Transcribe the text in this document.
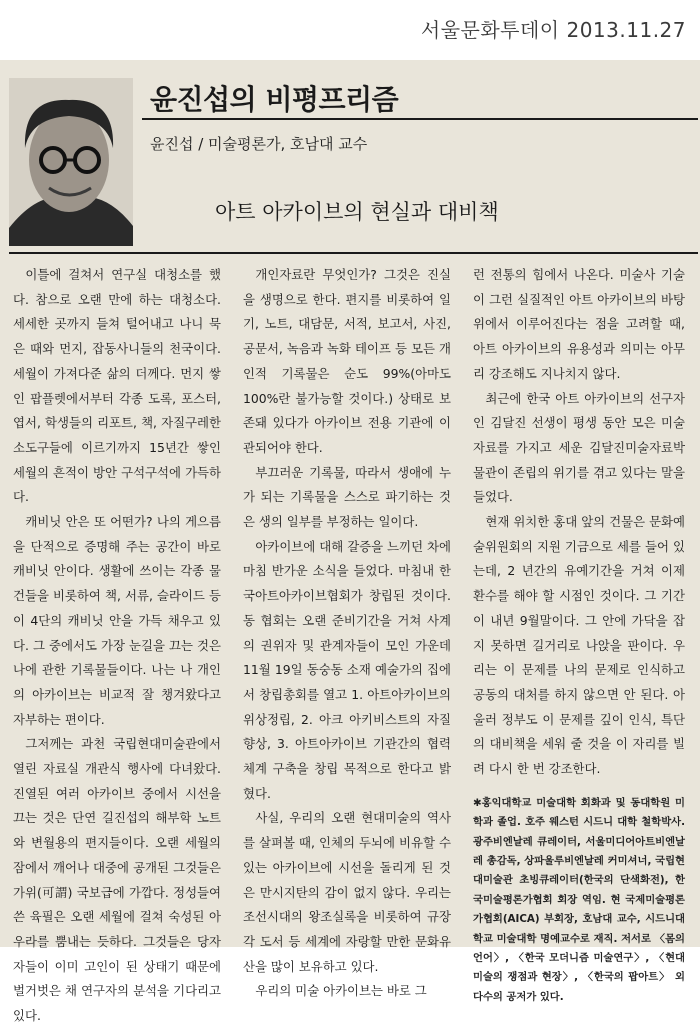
서울문화투데이 2013.11.27
윤진섭의 비평프리즘
윤진섭 / 미술평론가, 호남대 교수
아트 아카이브의 현실과 대비책

이틀에 걸쳐서 연구실 대청소를 했다. 참으로 오랜 만에 하는 대청소다. 세세한 곳까지 들쳐 털어내고 나니 묵은 때와 먼지, 잡동사니들의 천국이다. 세월이 가져다준 삶의 더께다. 먼지 쌓인 팝플렛에서부터 각종 도록, 포스터, 엽서, 학생들의 리포트, 책, 자질구레한 소도구들에 이르기까지 15년간 쌓인 세월의 흔적이 방안 구석구석에 가득하다.

캐비닛 안은 또 어떤가? 나의 게으름을 단적으로 증명해 주는 공간이 바로 캐비닛 안이다. 생활에 쓰이는 각종 물건들을 비롯하여 책, 서류, 슬라이드 등이 4단의 캐비닛 안을 가득 채우고 있다. 그 중에서도 가장 눈길을 끄는 것은 나에 관한 기록물들이다. 나는 나 개인의 아카이브는 비교적 잘 챙겨왔다고 자부하는 편이다.

그저께는 과천 국립현대미술관에서 열린 자료실 개관식 행사에 다녀왔다. 진열된 여러 아카이브 중에서 시선을 끄는 것은 단연 길진섭의 해부학 노트와 변월용의 편지들이다. 오랜 세월의 잠에서 깨어나 대중에 공개된 그것들은 가위(可謂) 국보급에 가깝다. 정성들여 쓴 육필은 오랜 세월에 걸쳐 숙성된 아우라를 뿜내는 듯하다. 그것들은 당자자들이 이미 고인이 된 상태기 때문에 벌거벗은 채 연구자의 분석을 기다리고 있다.

개인자료란 무엇인가? 그것은 진실을 생명으로 한다. 편지를 비롯하여 일기, 노트, 대담문, 서적, 보고서, 사진, 공문서, 녹음과 녹화 테이프 등 모든 개인적 기록물은 순도 99%(아마도 100%란 불가능할 것이다.) 상태로 보존돼 있다가 아카이브 전용 기관에 이관되어야 한다.

부끄러운 기록물, 따라서 생애에 누가 되는 기록물을 스스로 파기하는 것은 생의 일부를 부정하는 일이다.

아카이브에 대해 갈증을 느끼던 차에 마침 반가운 소식을 들었다. 마침내 한국아트아카이브협회가 창립된 것이다. 동 협회는 오랜 준비기간을 거쳐 사계의 권위자 및 관계자들이 모인 가운데 11월 19일 동숭동 소재 예술가의 집에서 창립총회를 열고 1. 아트아카이브의 위상정립, 2. 아크 아키비스트의 자질 향상, 3. 아트아카이브 기관간의 협력체계 구축을 창립 목적으로 한다고 밝혔다.

사실, 우리의 오랜 현대미술의 역사를 살펴볼 때, 인체의 두뇌에 비유할 수 있는 아카이브에 시선을 돌리게 된 것은 만시지탄의 감이 없지 않다. 우리는 조선시대의 왕조실록을 비롯하여 규장각 도서 등 세계에 자랑할 만한 문화유산을 많이 보유하고 있다.

우리의 미술 아카이브는 바로 그

런 전통의 힘에서 나온다. 미술사 기술이 그런 실질적인 아트 아카이브의 바탕 위에서 이루어진다는 점을 고려할 때, 아트 아카이브의 유용성과 의미는 아무리 강조해도 지나치지 않다.

최근에 한국 아트 아카이브의 선구자인 김달진 선생이 평생 동안 모은 미술자료를 가지고 세운 김달진미술자료박물관이 존립의 위기를 겪고 있다는 말을 들었다.

현재 위치한 홍대 앞의 건물은 문화예술위원회의 지원 기금으로 세를 들어 있는데, 2 년간의 유예기간을 거쳐 이제 환수를 해야 할 시점인 것이다. 그 기간이 내년 9월말이다. 그 안에 가닥을 잡지 못하면 길거리로 나앉을 판이다. 우리는 이 문제를 나의 문제로 인식하고 공동의 대처를 하지 않으면 안 된다. 아울러 정부도 이 문제를 깊이 인식, 특단의 대비책을 세워 줄 것을 이 자리를 빌려 다시 한 번 강조한다.

✱홍익대학교 미술대학 회화과 및 동대학원 미학과 졸업. 호주 웨스턴 시드니 대학 철학박사. 광주비엔날레 큐레이터, 서울미디어아트비엔날레 총감독, 상파울루비엔날레 커미셔너, 국립현대미술관 초빙큐레이터(한국의 단색화전), 한국미술평론가협회 회장 역임. 현 국제미술평론가협회(AICA) 부회장, 호남대 교수, 시드니대학교 미술대학 명예교수로 재직. 저서로 〈몸의 언어〉, 〈한국 모더니즘 미술연구〉, 〈현대미술의 쟁점과 현장〉, 〈한국의 팝아트〉 외 다수의 공저가 있다.
